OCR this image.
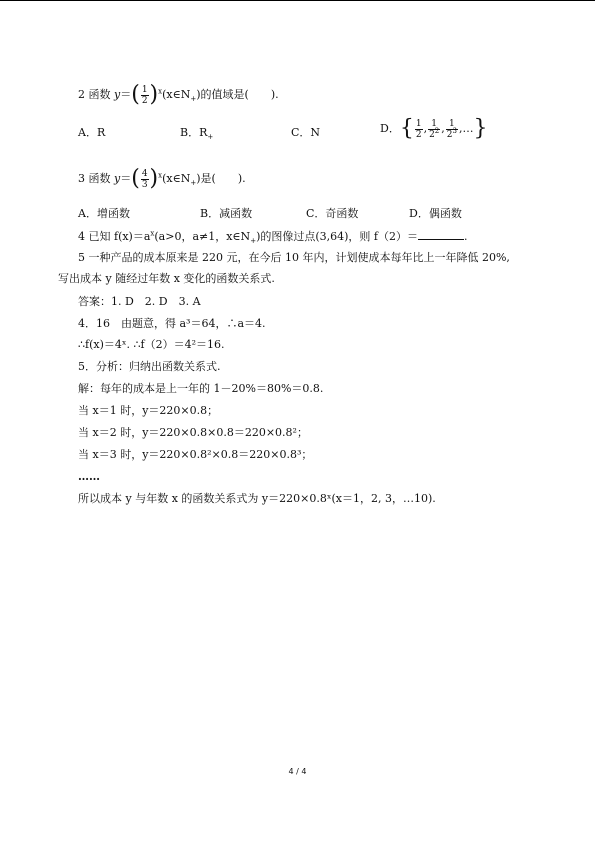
2 函数 $y=( \frac{1}{2}$ )$^x(x\in N_+)$的值域是(　　).
A．R	B．$R_+$	C．N	D．{ $\frac{1}{2}$ , $\frac{1}{2^2}$ , $\frac{1}{2^3}$ ,…}
3 函数 $y=( \frac{4}{3}$ )$^x(x\in N_+)$是(　　).
A．增函数	B．减函数	C．奇函数	D．偶函数
4 已知 $f(x)=a^x(a>0$，a≠1，$x\in N_+$)的图像过点(3,64)，则 f（2）＝	.
5 一种产品的成本原来是 220 元，在今后 10 年内，计划使成本每年比上一年降低 20%,
写出成本 y 随经过年数 x 变化的函数关系式.
答案：1. D　2. D　3. A
4．16　由题意，得 a³＝64，∴a＝4.
∴f(x)＝4ˣ. ∴f（2）＝4²＝16.
5．分析：归纳出函数关系式.
解：每年的成本是上一年的 1－20%＝80%＝0.8.
当 x＝1 时，y＝220×0.8；
当 x＝2 时，y＝220×0.8×0.8＝220×0.8²；
当 x＝3 时，y＝220×0.8²×0.8＝220×0.8³；
……
所以成本 y 与年数 x 的函数关系式为 y＝220×0.8ˣ(x＝1，2, 3，…10).
4 / 4
